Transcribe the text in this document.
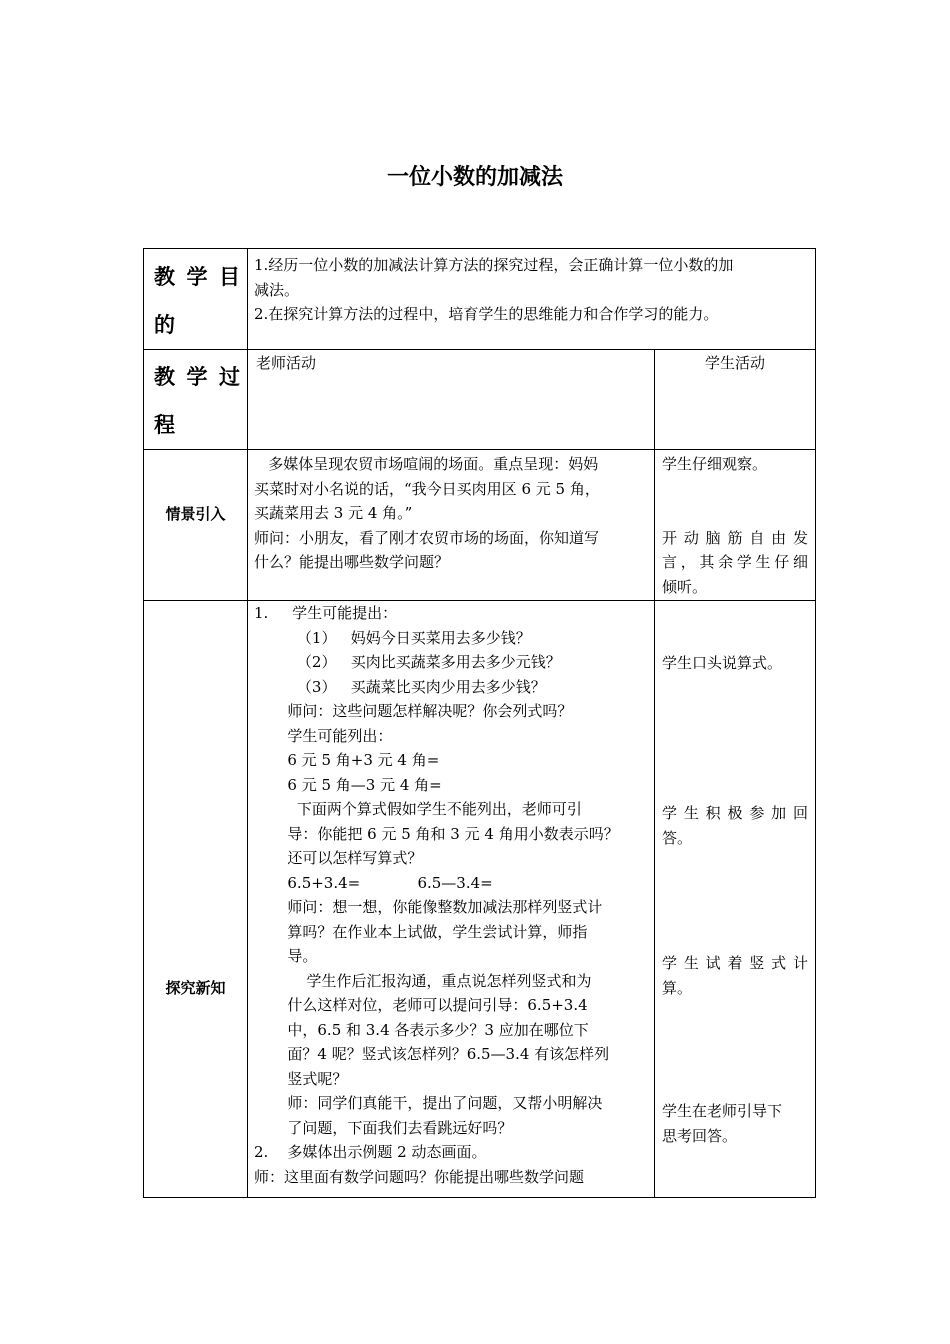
一位小数的加减法
教 学 目
的
1.经历一位小数的加减法计算方法的探究过程，会正确计算一位小数的加
减法。
2.在探究计算方法的过程中，培育学生的思维能力和合作学习的能力。
教 学 过
程
老师活动	学生活动
情景引入
多媒体呈现农贸市场喧闹的场面。重点呈现：妈妈
买菜时对小名说的话，“我今日买肉用区 6 元 5 角，
买蔬菜用去 3 元 4 角。”
师问：小朋友，看了刚才农贸市场的场面，你知道写
什么？能提出哪些数学问题？
学生仔细观察。
开动脑筋自由发
言，其余学生仔细
倾听。
探究新知
1.     学生可能提出：
（1）   妈妈今日买菜用去多少钱？
（2）   买肉比买蔬菜多用去多少元钱？
（3）   买蔬菜比买肉少用去多少钱？
师问：这些问题怎样解决呢？你会列式吗？
学生可能列出：
6 元 5 角+3 元 4 角=
6 元 5 角—3 元 4 角=
下面两个算式假如学生不能列出，老师可引
导：你能把 6 元 5 角和 3 元 4 角用小数表示吗？
还可以怎样写算式？
6.5+3.4=            6.5—3.4=
师问：想一想，你能像整数加减法那样列竖式计
算吗？在作业本上试做，学生尝试计算，师指
导。
学生作后汇报沟通，重点说怎样列竖式和为
什么这样对位，老师可以提问引导：6.5+3.4
中，6.5 和 3.4 各表示多少？3 应加在哪位下
面？4 呢？竖式该怎样列？6.5—3.4 有该怎样列
竖式呢？
师：同学们真能干，提出了问题，又帮小明解决
了问题，下面我们去看跳远好吗？
2.    多媒体出示例题 2 动态画面。
师：这里面有数学问题吗？你能提出哪些数学问题
学生口头说算式。
学生积极参加回
答。
学生试着竖式计
算。
学生在老师引导下
思考回答。
